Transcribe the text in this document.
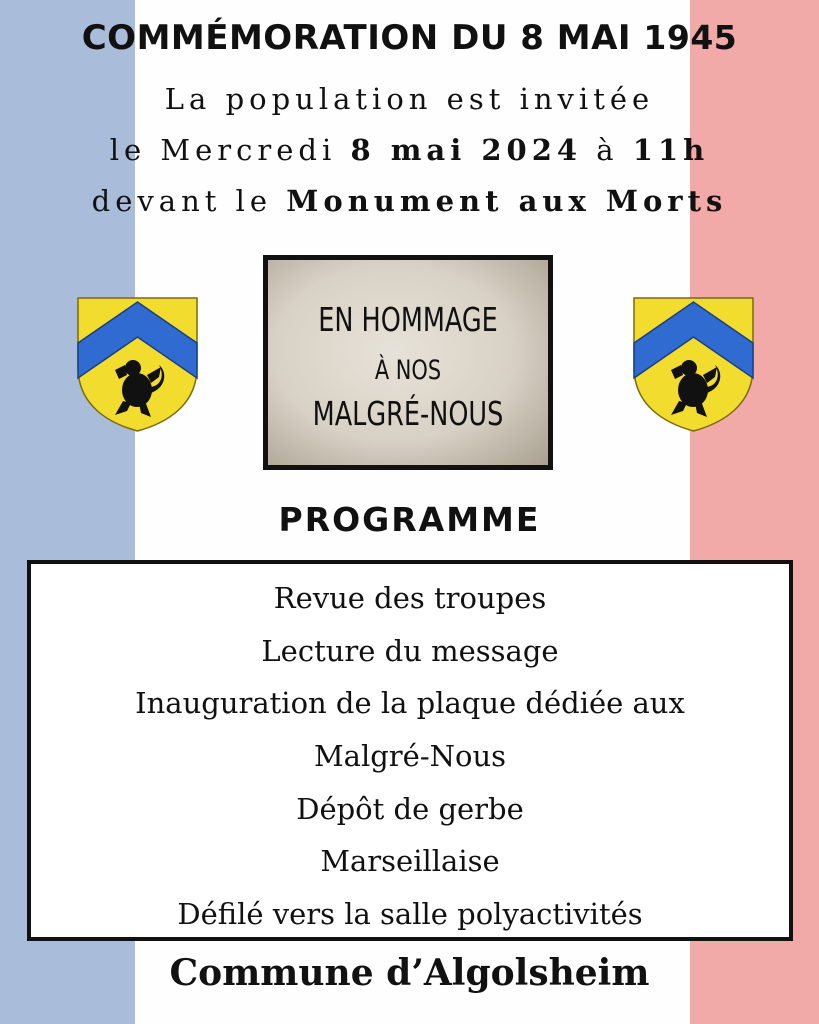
COMMÉMORATION DU 8 MAI 1945
La population est invitée
le Mercredi 8 mai 2024 à 11h
devant le Monument aux Morts
EN HOMMAGE
À NOS
MALGRÉ-NOUS
PROGRAMME
Revue des troupes
Lecture du message
Inauguration de la plaque dédiée aux
Malgré-Nous
Dépôt de gerbe
Marseillaise
Défilé vers la salle polyactivités
Commune d’Algolsheim
